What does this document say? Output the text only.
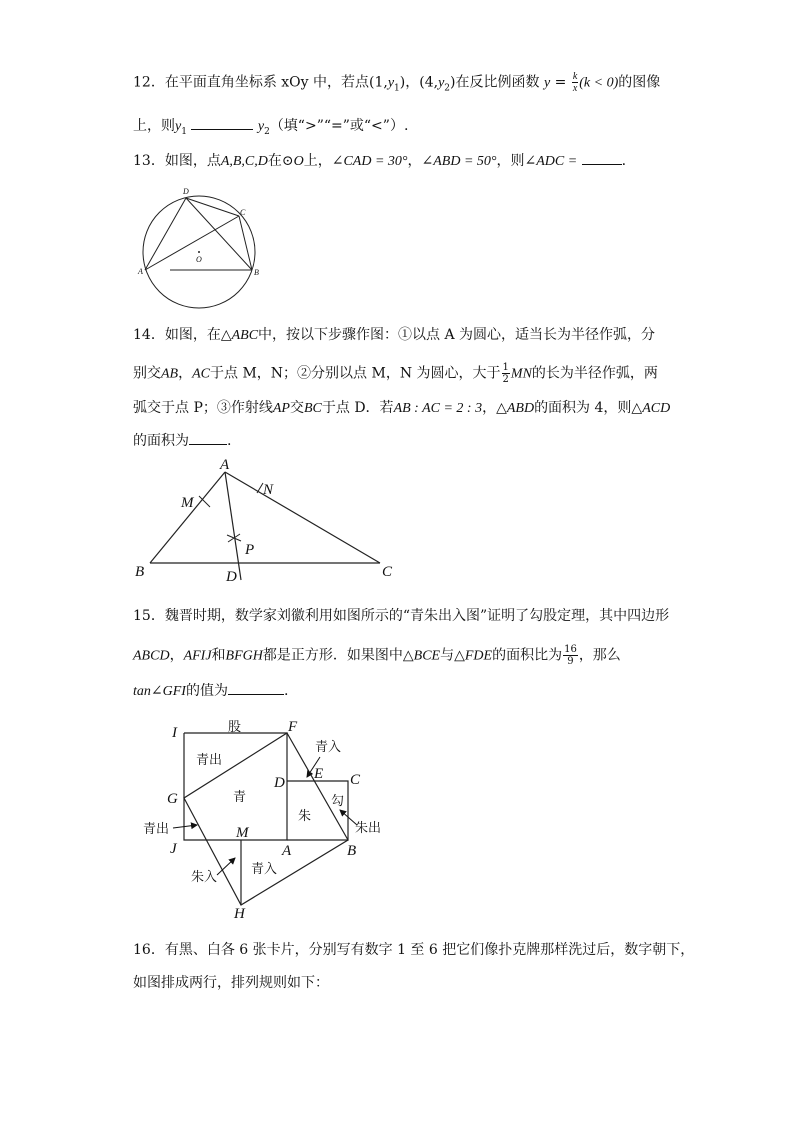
12．在平面直角坐标系 xOy 中，若点$(1,y_1)$，$(4,y_2)$在反比例函数 $y = \frac{k}{x} (k < 0)$的图像
上，则$y_1$	$y_2$（填“>”“=”或“<”）.
13．如图，点A,B,C,D在⊙O上，∠CAD = 30°，∠ABD = 50°，则∠ADC =	.
A	B
C
D
O
14．如图，在△ABC中，按以下步骤作图：①以点 A 为圆心，适当长为半径作弧，分
别交AB，AC于点 M，N；②分别以点 M，N 为圆心，大于 $\frac{1}{2}$ MN的长为半径作弧，两
弧交于点 P；③作射线AP交BC于点 D．若AB : AC = 2 : 3，△ABD的面积为 4，则△ACD
的面积为	.
A
B	C
D
M
N
P
15．魏晋时期，数学家刘徽利用如图所示的“青朱出入图”证明了勾股定理，其中四边形
ABCD，AFIJ和BFGH都是正方形．如果图中△BCE与△FDE的面积比为 $\frac{16}{9}$ ，那么
tan∠GFI的值为	.
I	F
G
J
H
A	B
C
D
E
M
股
青出
青入
青
朱
勾
朱出
青出
朱入
青入
16．有黑、白各 6 张卡片，分别写有数字 1 至 6 把它们像扑克牌那样洗过后，数字朝下，
如图排成两行，排列规则如下：
